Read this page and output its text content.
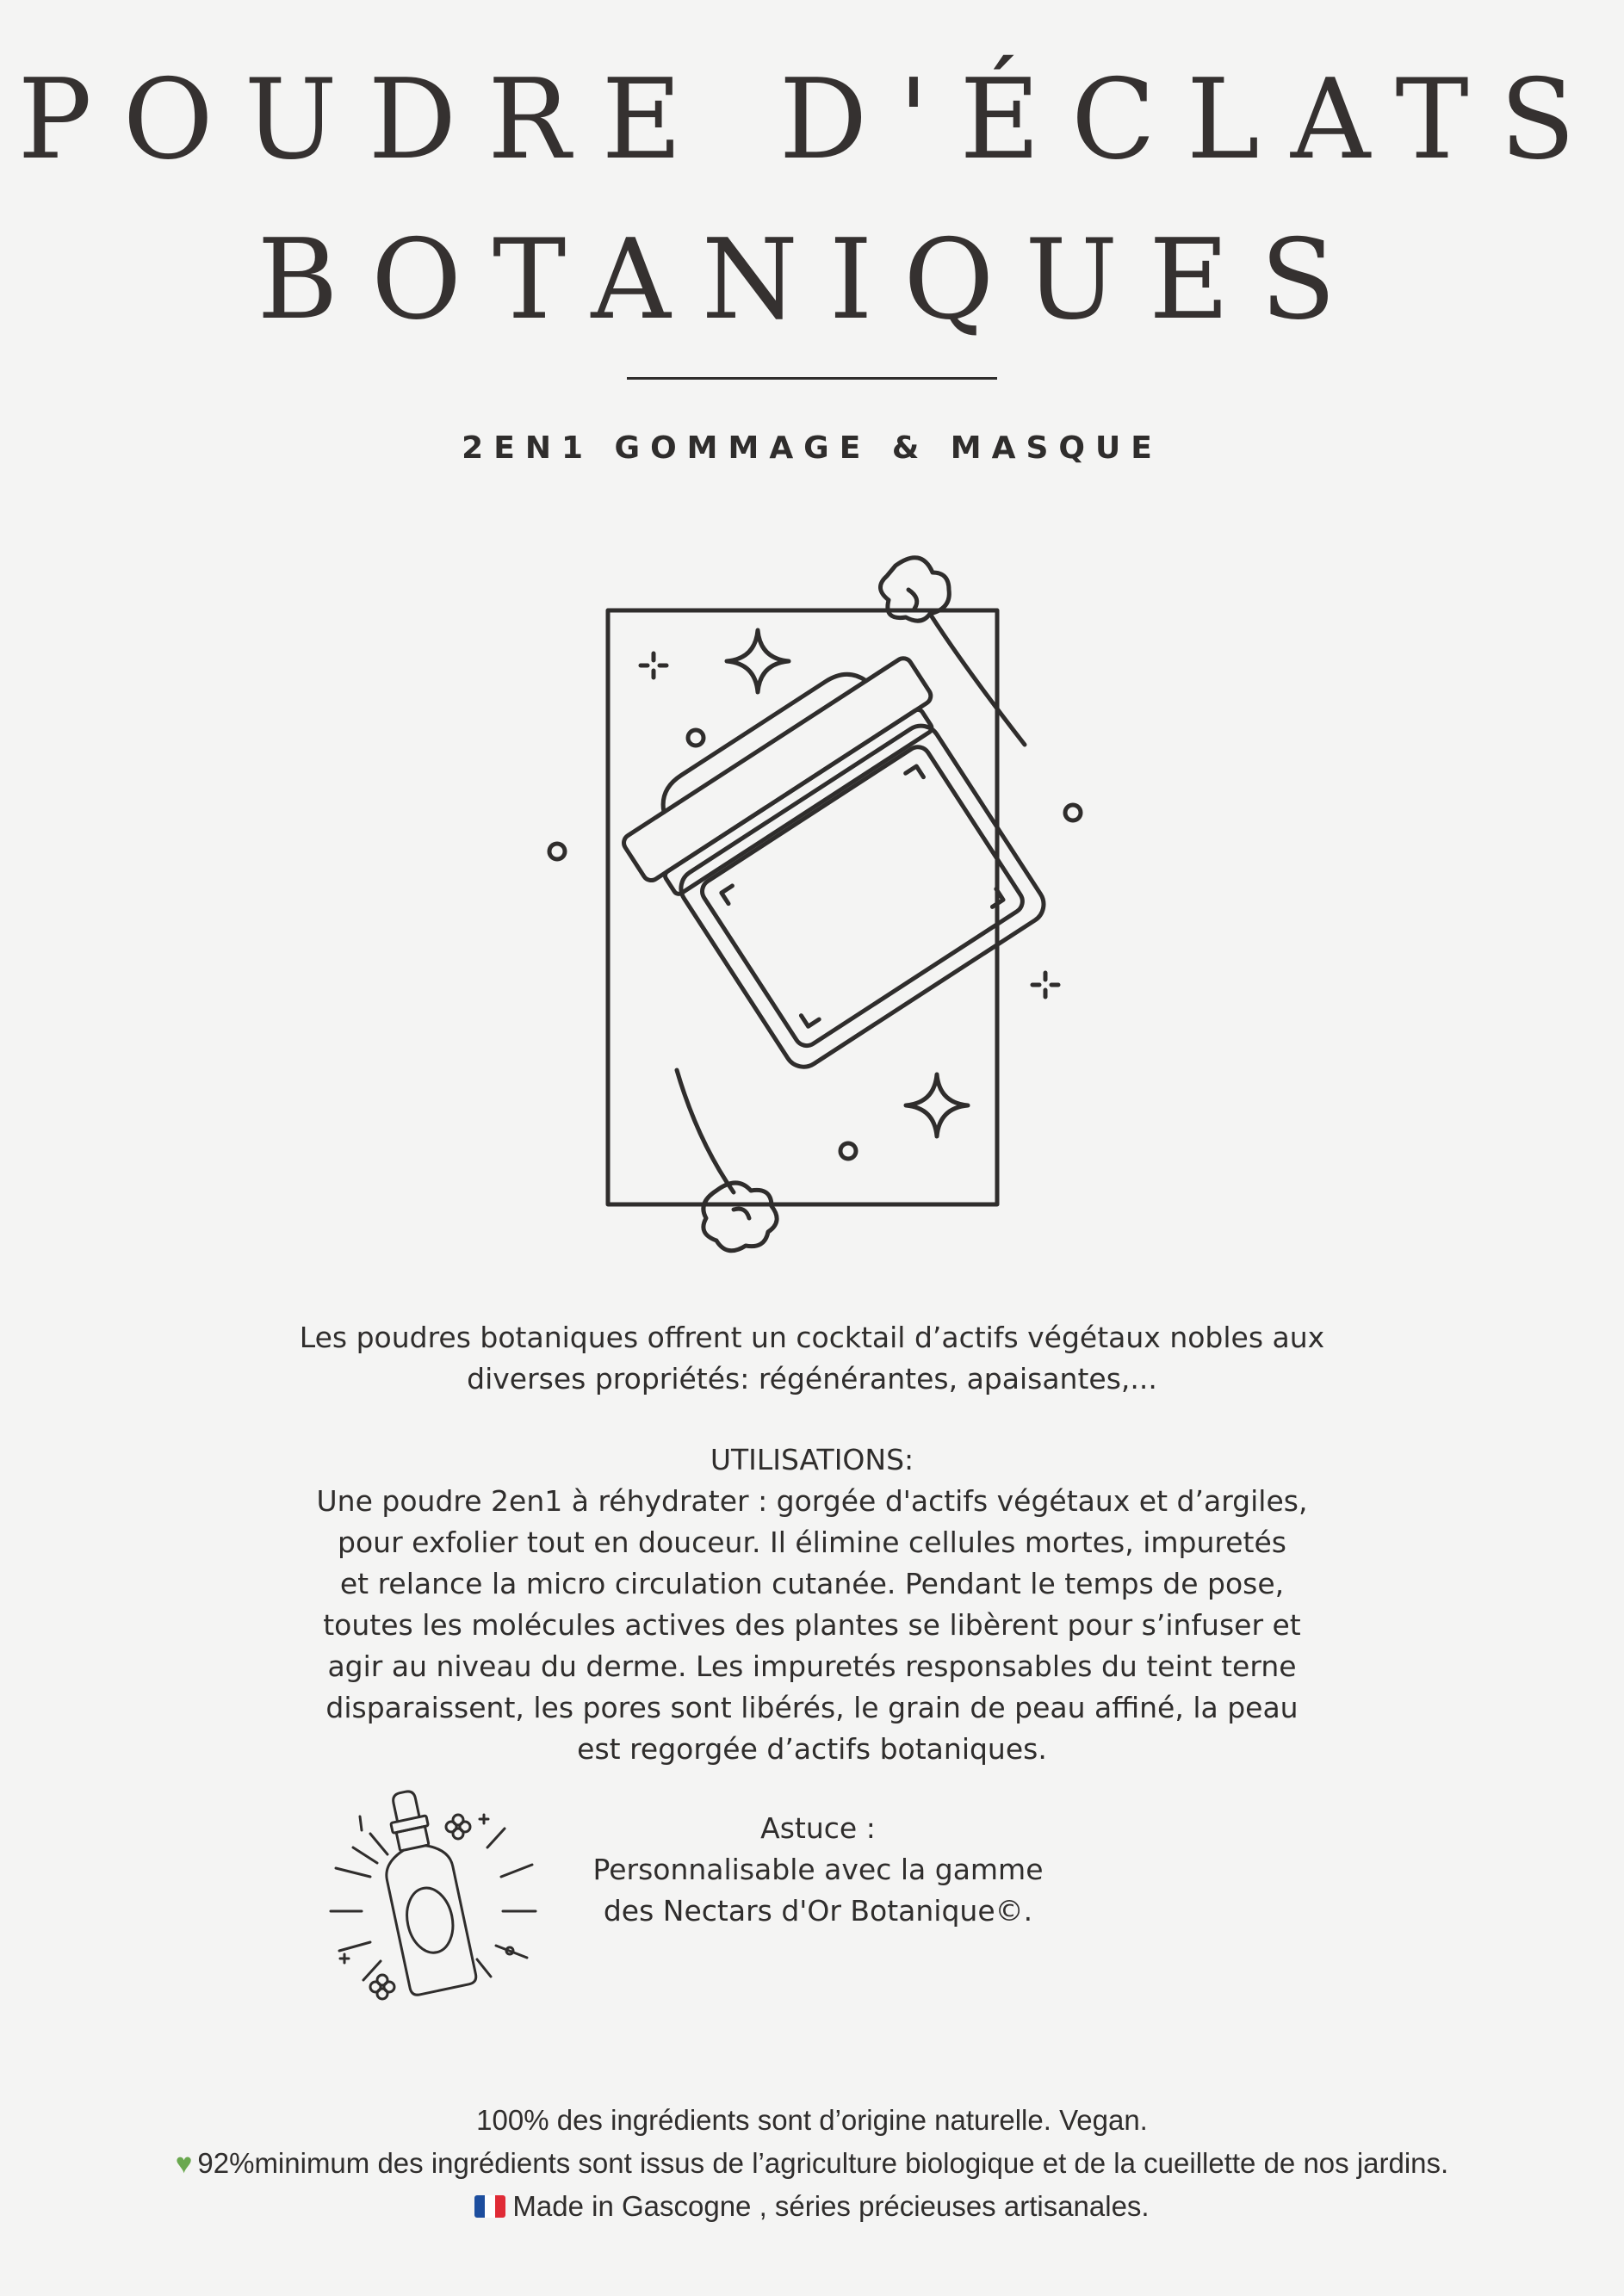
POUDRE D'ÉCLATS
BOTANIQUES
2EN1 GOMMAGE & MASQUE

Les poudres botaniques offrent un cocktail d’actifs végétaux nobles aux
diverses propriétés: régénérantes, apaisantes,...

UTILISATIONS:

Une poudre 2en1 à réhydrater : gorgée d'actifs végétaux et d’argiles,
pour exfolier tout en douceur. Il élimine cellules mortes, impuretés
et relance la micro circulation cutanée. Pendant le temps de pose,
toutes les molécules actives des plantes se libèrent pour s’infuser et
agir au niveau du derme. Les impuretés responsables du teint terne
disparaissent, les pores sont libérés, le grain de peau affiné, la peau
est regorgée d’actifs botaniques.

Astuce :

Personnalisable avec la gamme

des Nectars d'Or Botanique©.

100% des ingrédients sont d’origine naturelle. Vegan.

♥ 92%minimum des ingrédients sont issus de l’agriculture biologique et de la cueillette de nos jardins.

Made in Gascogne , séries précieuses artisanales.
